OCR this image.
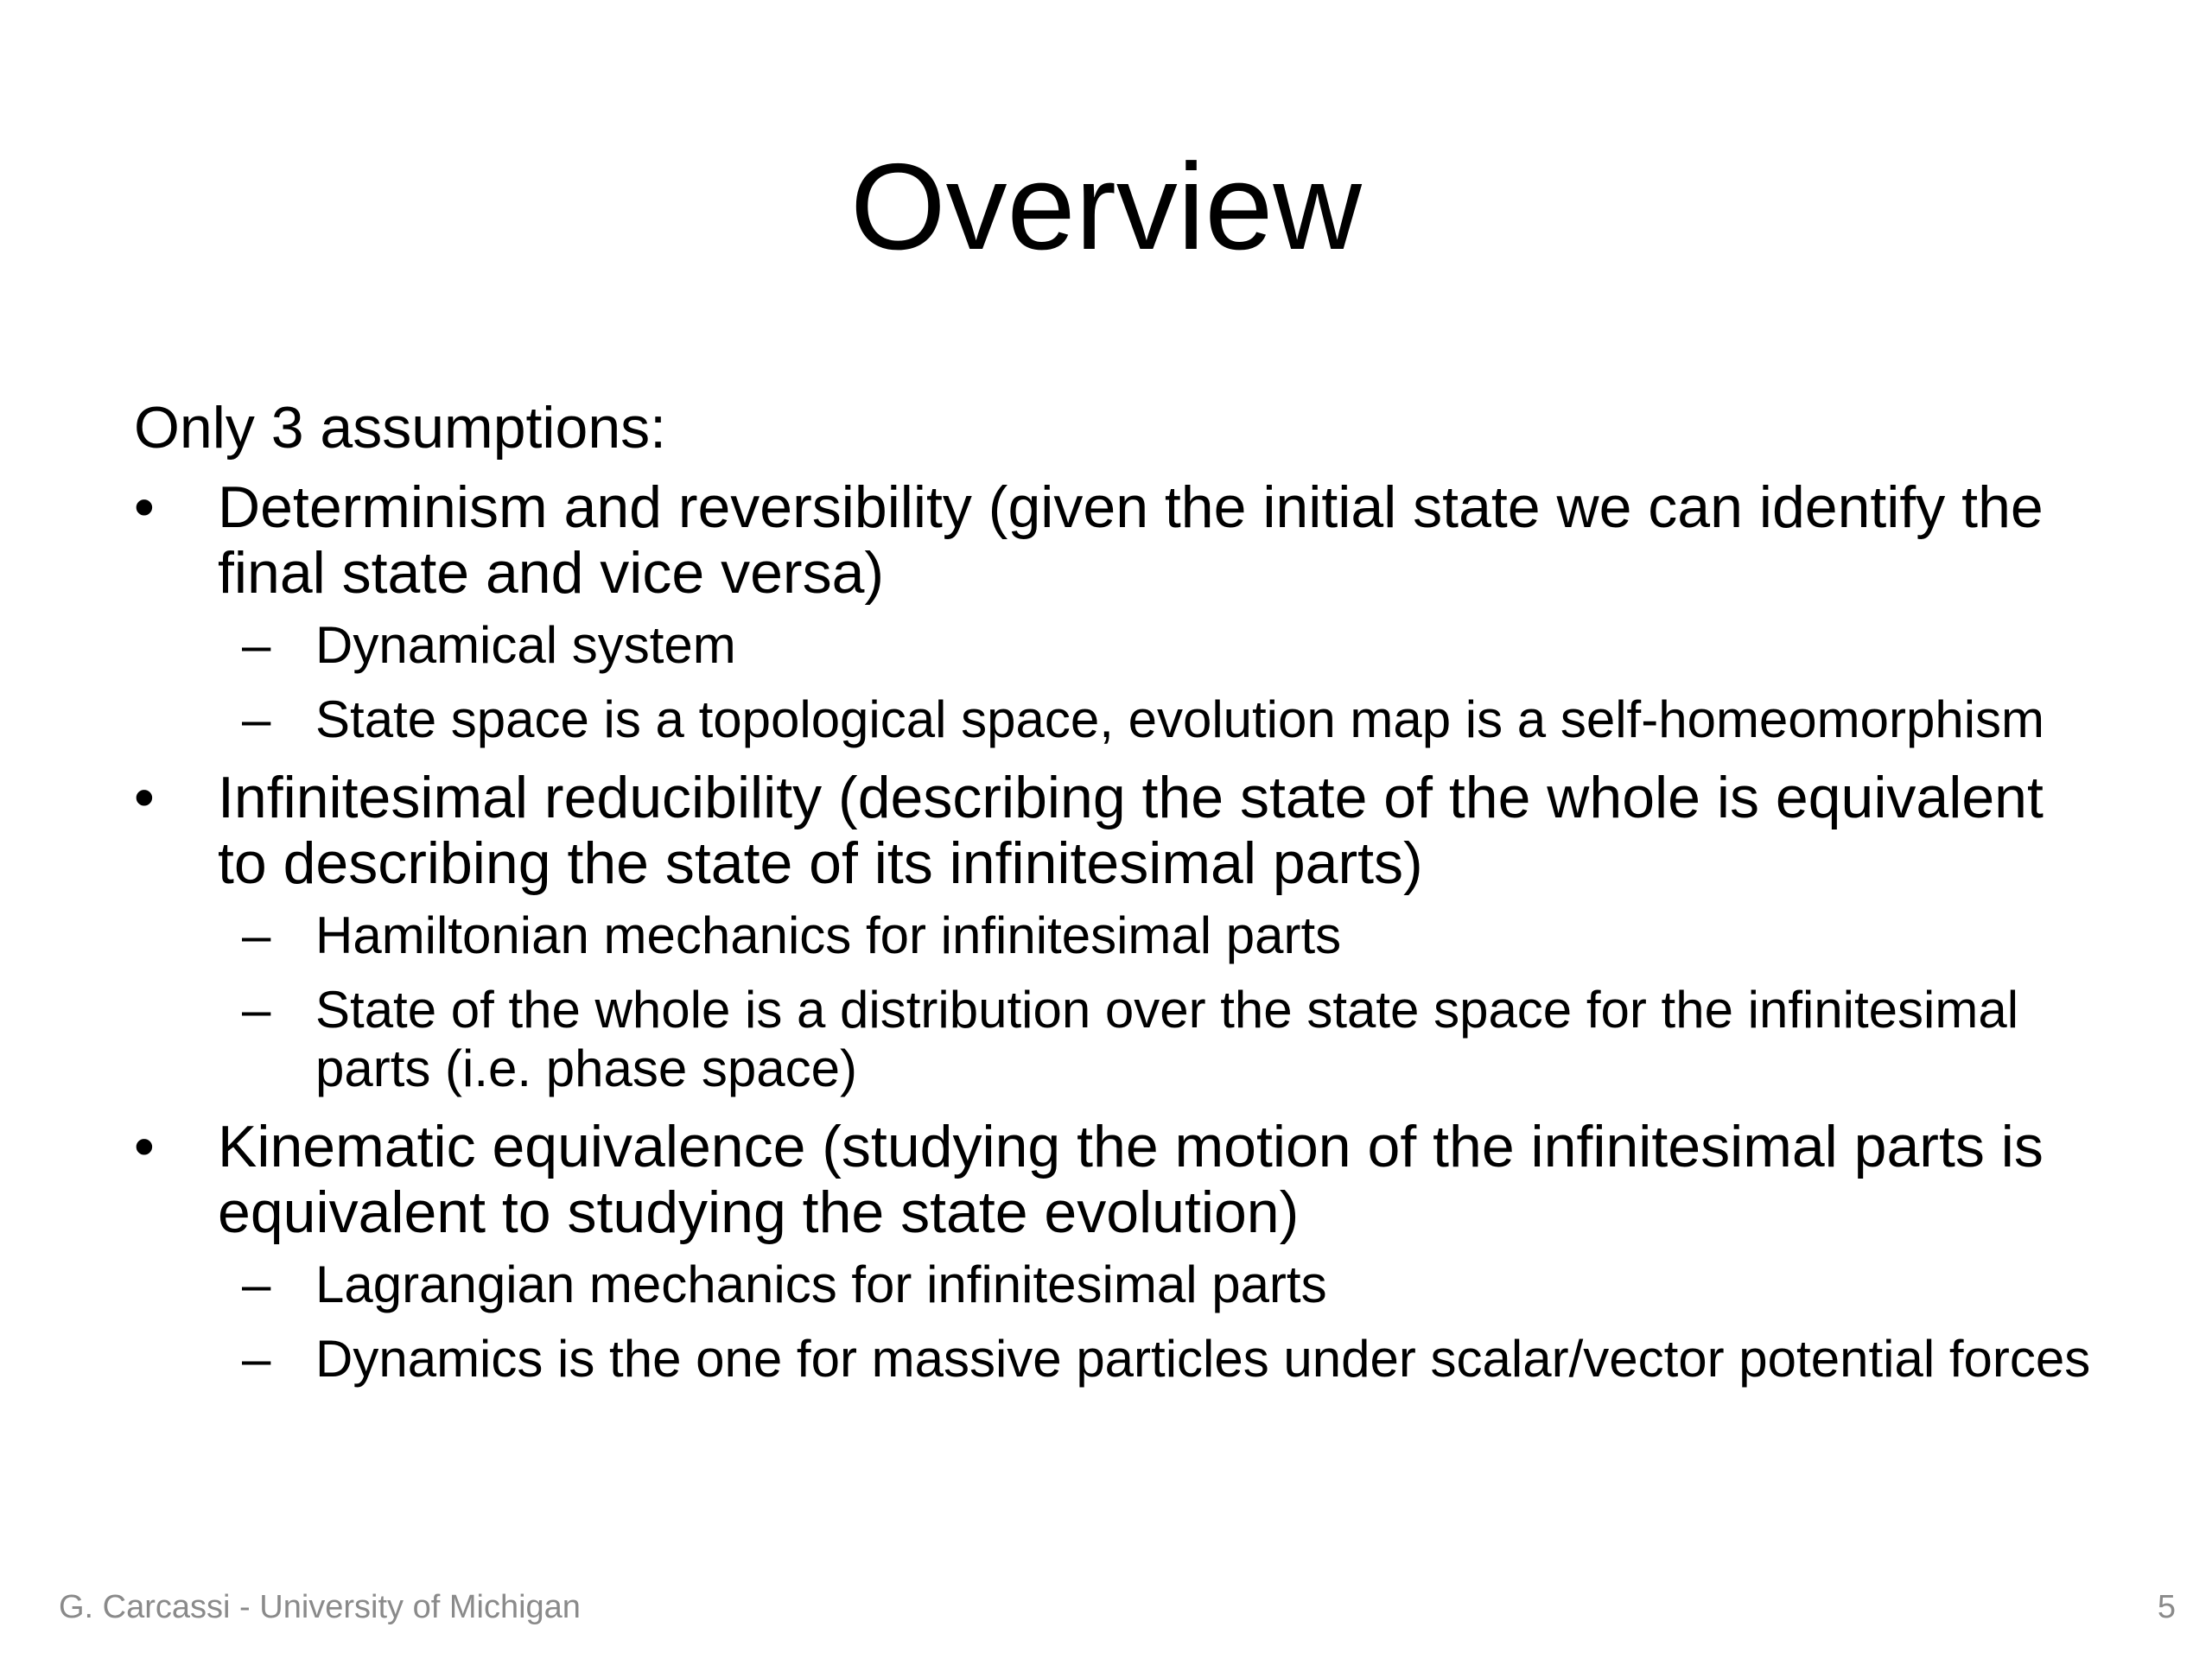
Overview
Only 3 assumptions:
•	Determinism and reversibility (given the initial state we can identify the final state and vice versa)
– Dynamical system
– State space is a topological space, evolution map is a self-homeomorphism
•	Infinitesimal reducibility (describing the state of the whole is equivalent to describing the state of its infinitesimal parts)
– Hamiltonian mechanics for infinitesimal parts
– State of the whole is a distribution over the state space for the infinitesimal parts (i.e. phase space)
•	Kinematic equivalence (studying the motion of the infinitesimal parts is equivalent to studying the state evolution)
– Lagrangian mechanics for infinitesimal parts
– Dynamics is the one for massive particles under scalar/vector potential forces
G. Carcassi - University of Michigan	5
